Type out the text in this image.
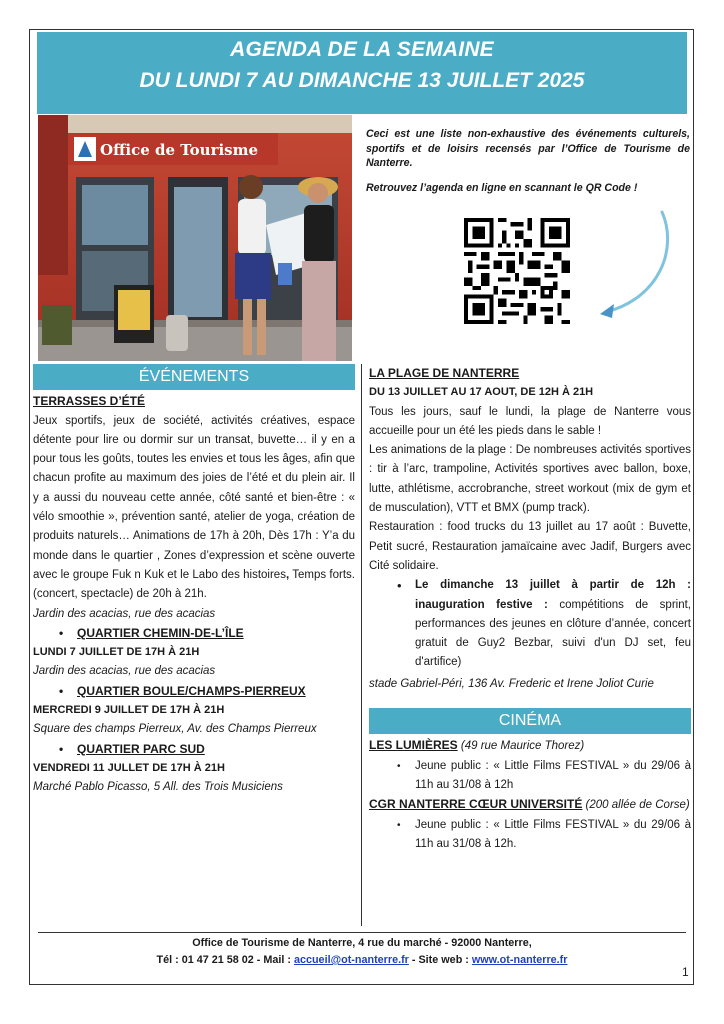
AGENDA DE LA SEMAINE
DU LUNDI 7 AU DIMANCHE 13 JUILLET 2025
Office de Tourisme

Ceci est une liste non-exhaustive des événements culturels, sportifs et de loisirs recensés par l’Office de Tourisme de Nanterre.

Retrouvez l’agenda en ligne en scannant le QR Code !

ÉVÉNEMENTS
TERRASSES D’ÉTÉ

Jeux sportifs, jeux de société, activités créatives, espace détente pour lire ou dormir sur un transat, buvette… il y en a pour tous les goûts, toutes les envies et tous les âges, afin que chacun profite au maximum des joies de l’été et du plein air. Il y a aussi du nouveau cette année, côté santé et bien-être : « vélo smoothie », prévention santé, atelier de yoga, création de produits naturels… Animations de 17h à 20h, Dès 17h : Y’a du monde dans le quartier , Zones d’expression et scène ouverte avec le groupe Fuk n Kuk et le Labo des histoires, Temps forts. (concert, spectacle) de 20h à 21h.

Jardin des acacias, rue des acacias
• QUARTIER CHEMIN-DE-L’ÎLE
LUNDI 7 JUILLET DE 17H À 21H
Jardin des acacias, rue des acacias
• QUARTIER BOULE/CHAMPS-PIERREUX
MERCREDI 9 JUILLET DE 17H À 21H
Square des champs Pierreux, Av. des Champs Pierreux
• QUARTIER PARC SUD
VENDREDI 11 JULLET DE 17H À 21H
Marché Pablo Picasso, 5 All. des Trois Musiciens
LA PLAGE DE NANTERRE
DU 13 JUILLET AU 17 AOUT, DE 12H À 21H

Tous les jours, sauf le lundi, la plage de Nanterre vous accueille pour un été les pieds dans le sable !

Les animations de la plage : De nombreuses activités sportives : tir à l’arc, trampoline, Activités sportives avec ballon, boxe, lutte, athlétisme, accrobranche, street workout (mix de gym et de musculation), VTT et BMX (pump track).

Restauration : food trucks du 13 juillet au 17 août : Buvette, Petit sucré, Restauration jamaïcaine avec Jadif, Burgers avec Cité solidaire.

• Le dimanche 13 juillet à partir de 12h : inauguration festive : compétitions de sprint, performances des jeunes en clôture d’année, concert gratuit de Guy2 Bezbar, suivi d'un DJ set, feu d'artifice)
stade Gabriel-Péri, 136 Av. Frederic et Irene Joliot Curie
CINÉMA
LES LUMIÈRES (49 rue Maurice Thorez)
• Jeune public : « Little Films FESTIVAL » du 29/06 à 11h au 31/08 à 12h
CGR NANTERRE CŒUR UNIVERSITÉ (200 allée de Corse)
• Jeune public : « Little Films FESTIVAL » du 29/06 à 11h au 31/08 à 12h.
Office de Tourisme de Nanterre, 4 rue du marché - 92000 Nanterre,
Tél : 01 47 21 58 02 - Mail : accueil@ot-nanterre.fr - Site web : www.ot-nanterre.fr
1
